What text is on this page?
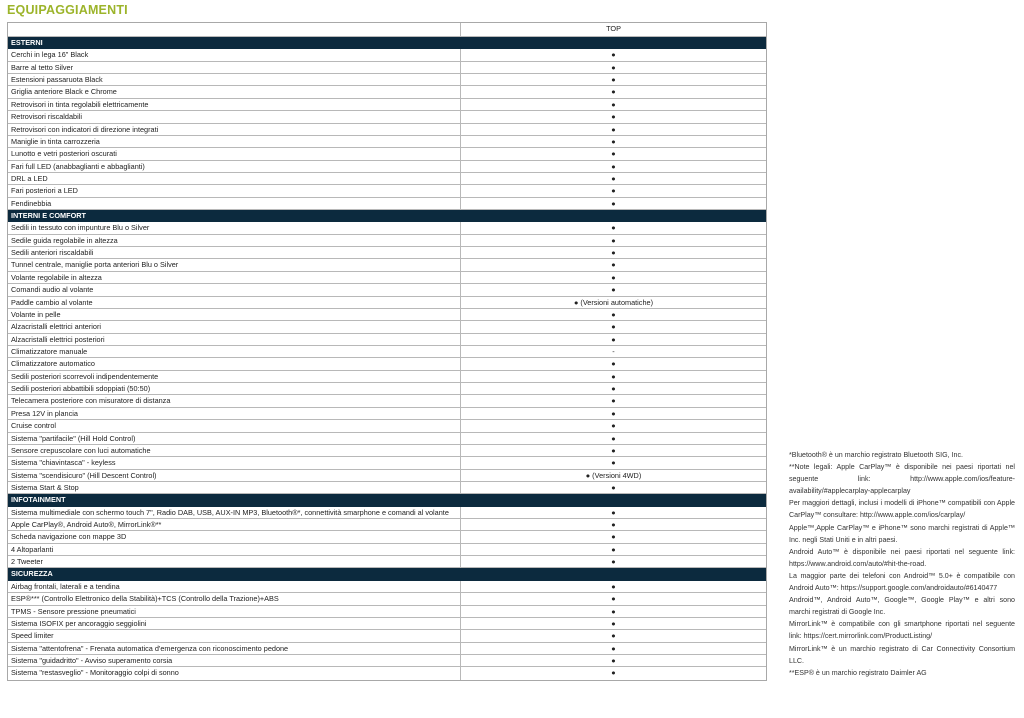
EQUIPAGGIAMENTI
TOP
ESTERNI
Cerchi in lega 16" Black	●
Barre al tetto Silver	●
Estensioni passaruota Black	●
Griglia anteriore Black e Chrome	●
Retrovisori in tinta regolabili elettricamente	●
Retrovisori riscaldabili	●
Retrovisori con indicatori di direzione integrati	●
Maniglie in tinta carrozzeria	●
Lunotto e vetri posteriori oscurati	●
Fari full LED (anabbaglianti e abbaglianti)	●
DRL a LED	●
Fari posteriori a LED	●
Fendinebbia	●
INTERNI E COMFORT
Sedili in tessuto con impunture Blu o Silver	●
Sedile guida regolabile in altezza	●
Sedili anteriori riscaldabili	●
Tunnel centrale, maniglie porta anteriori Blu o Silver	●
Volante regolabile in altezza	●
Comandi audio al volante	●
Paddle cambio al volante	● (Versioni automatiche)
Volante in pelle	●
Alzacristalli elettrici anteriori	●
Alzacristalli elettrici posteriori	●
Climatizzatore manuale	-
Climatizzatore automatico	●
Sedili posteriori scorrevoli indipendentemente	●
Sedili posteriori abbattibili sdoppiati (50:50)	●
Telecamera posteriore con misuratore di distanza	●
Presa 12V in plancia	●
Cruise control	●
Sistema "partifacile" (Hill Hold Control)	●
Sensore crepuscolare con luci automatiche	●
Sistema "chiavintasca" - keyless	●
Sistema "scendisicuro" (Hill Descent Control)	● (Versioni 4WD)
Sistema Start & Stop	●
INFOTAINMENT
Sistema multimediale con schermo touch 7", Radio DAB, USB, AUX-IN MP3, Bluetooth®*, connettività smarphone e comandi al volante	●
Apple CarPlay®, Android Auto®, MirrorLink®**	●
Scheda navigazione con mappe 3D	●
4 Altoparlanti	●
2 Tweeter	●
SICUREZZA
Airbag frontali, laterali e a tendina	●
ESP®*** (Controllo Elettronico della Stabilità)+TCS (Controllo della Trazione)+ABS	●
TPMS - Sensore pressione pneumatici	●
Sistema ISOFIX per ancoraggio seggiolini	●
Speed limiter	●
Sistema "attentofrena" - Frenata automatica d'emergenza con riconoscimento pedone	●
Sistema "guidadritto" - Avviso superamento corsia	●
Sistema "restasveglio" - Monitoraggio colpi di sonno	●

*Bluetooth® è un marchio registrato Bluetooth SIG, Inc.

**Note legali: Apple CarPlay™ è disponibile nei paesi riportati nel seguente link: http://www.apple.com/ios/feature-availability/#applecarplay-applecarplay

Per maggiori dettagli, inclusi i modelli di iPhone™ compatibili con Apple CarPlay™ consultare: http://www.apple.com/ios/carplay/

Apple™,Apple CarPlay™ e iPhone™ sono marchi registrati di Apple™ Inc. negli Stati Uniti e in altri paesi.

Android Auto™ è disponibile nei paesi riportati nel seguente link: https://www.android.com/auto/#hit-the-road.

La maggior parte dei telefoni con Android™ 5.0+ è compatibile con Android Auto™: https://support.google.com/androidauto/#6140477

Android™, Android Auto™, Google™, Google Play™ e altri sono marchi registrati di Google Inc.

MirrorLink™ è compatibile con gli smartphone riportati nel seguente link: https://cert.mirrorlink.com/ProductListing/

MirrorLink™ è un marchio registrato di Car Connectivity Consortium LLC.

**ESP® è un marchio registrato Daimler AG
